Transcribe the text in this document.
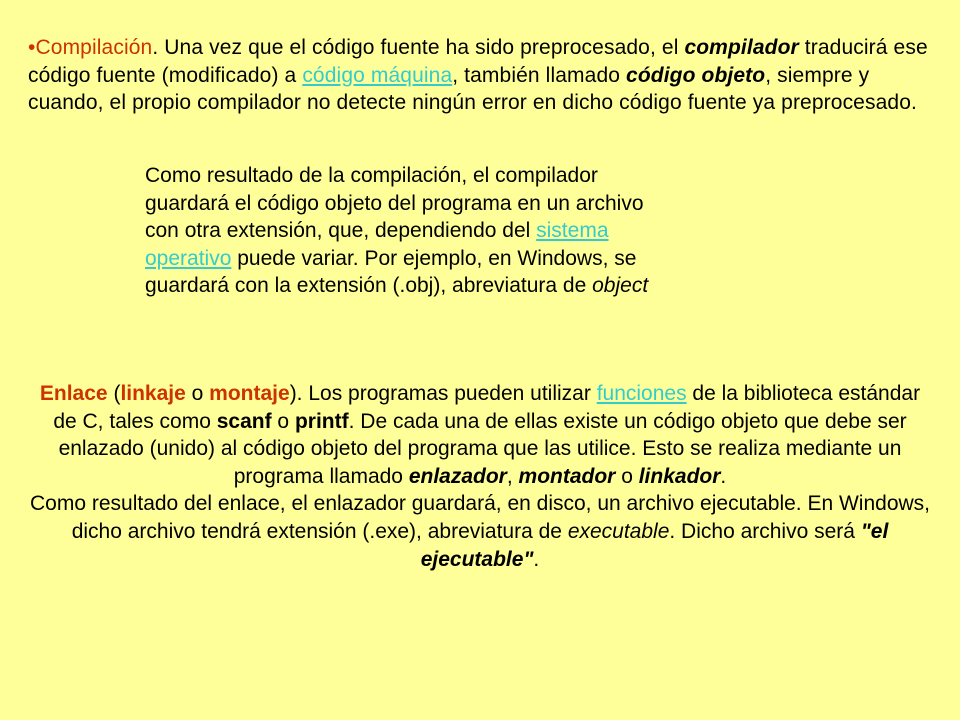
•Compilación. Una vez que el código fuente ha sido preprocesado, el compilador traducirá ese código fuente (modificado) a código máquina, también llamado código objeto, siempre y cuando, el propio compilador no detecte ningún error en dicho código fuente ya preprocesado.
Como resultado de la compilación, el compilador guardará el código objeto del programa en un archivo con otra extensión, que, dependiendo del sistema operativo puede variar. Por ejemplo, en Windows, se guardará con la extensión (.obj), abreviatura de object
Enlace (linkaje o montaje). Los programas pueden utilizar funciones de la biblioteca estándar de C, tales como scanf o printf. De cada una de ellas existe un código objeto que debe ser enlazado (unido) al código objeto del programa que las utilice. Esto se realiza mediante un programa llamado enlazador, montador o linkador.
Como resultado del enlace, el enlazador guardará, en disco, un archivo ejecutable. En Windows, dicho archivo tendrá extensión (.exe), abreviatura de executable. Dicho archivo será "el ejecutable".
